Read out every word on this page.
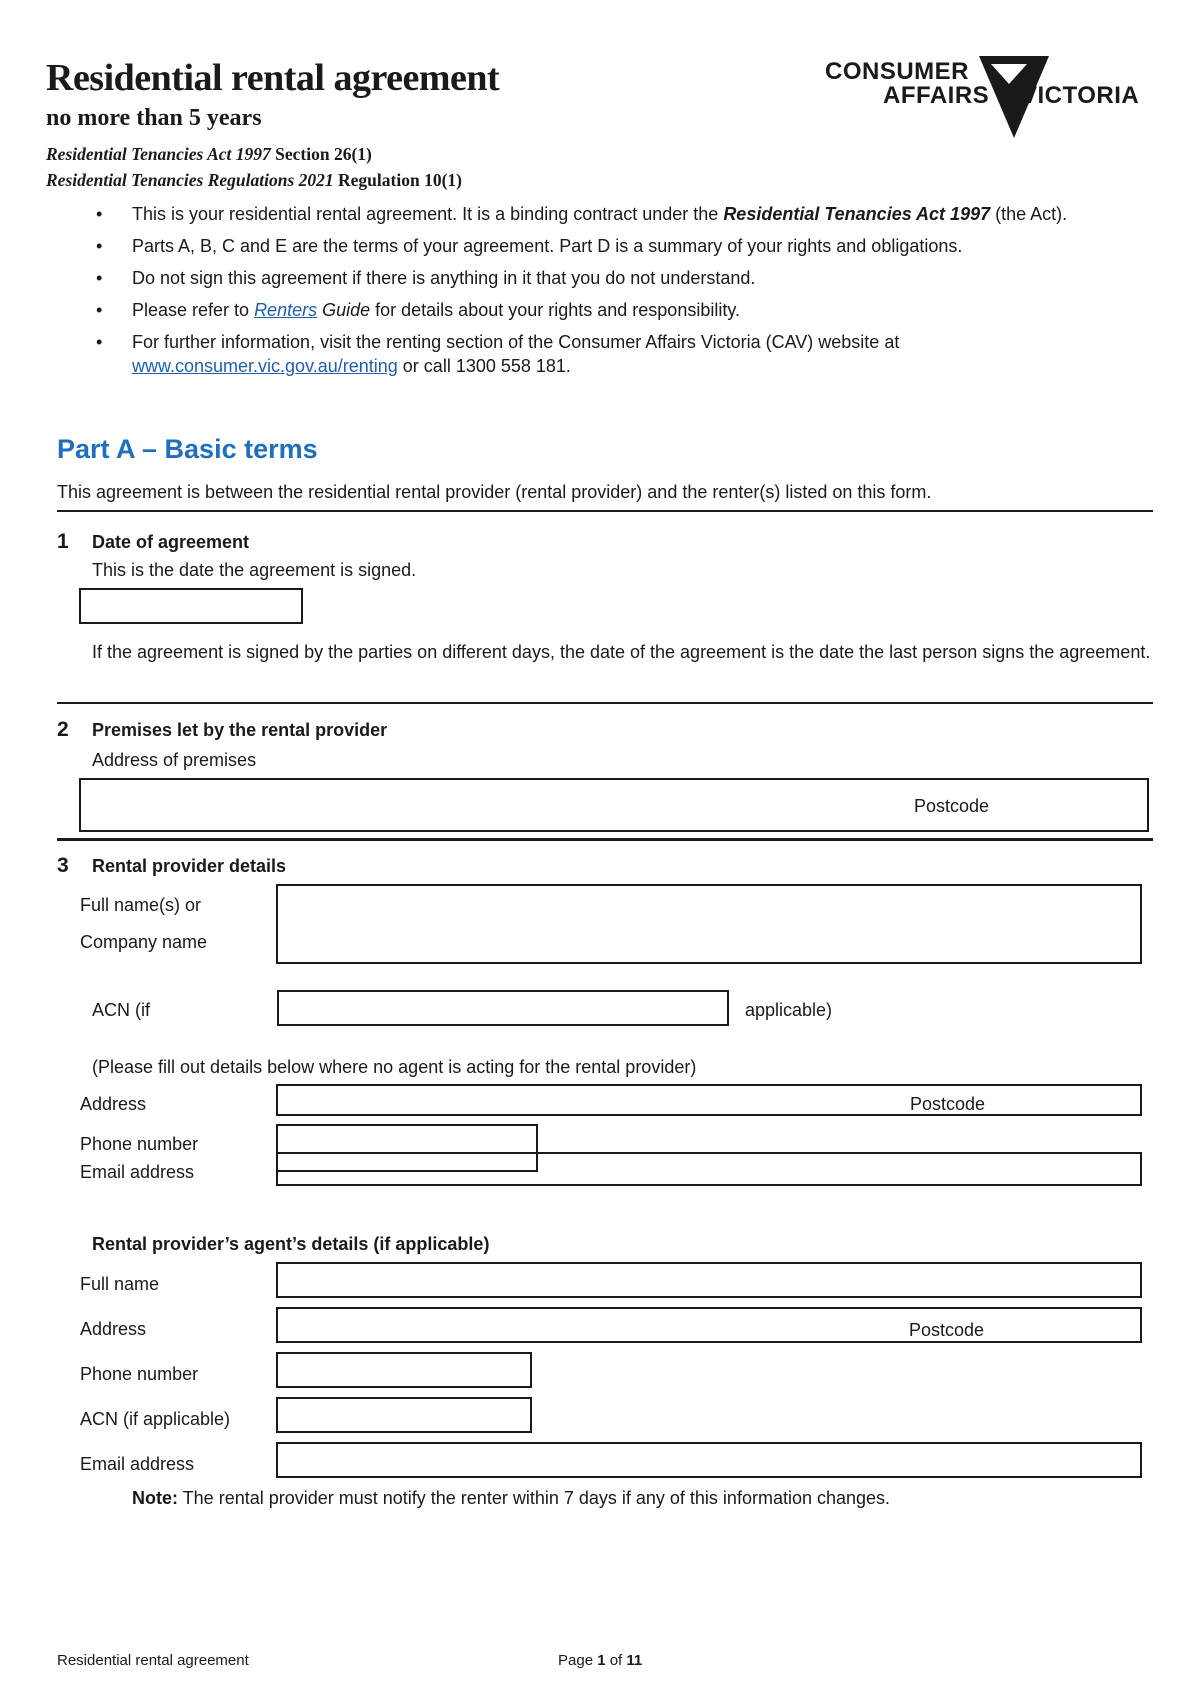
Residential rental agreement
no more than 5 years
Residential Tenancies Act 1997 Section 26(1)
Residential Tenancies Regulations 2021 Regulation 10(1)
CONSUMER
AFFAIRS VICTORIA
• This is your residential rental agreement. It is a binding contract under the Residential Tenancies Act 1997 (the Act).
• Parts A, B, C and E are the terms of your agreement. Part D is a summary of your rights and obligations.
• Do not sign this agreement if there is anything in it that you do not understand.
• Please refer to Renters Guide for details about your rights and responsibility.
• For further information, visit the renting section of the Consumer Affairs Victoria (CAV) website at www.consumer.vic.gov.au/renting or call 1300 558 181.
Part A – Basic terms
This agreement is between the residential rental provider (rental provider) and the renter(s) listed on this form.
1 Date of agreement
This is the date the agreement is signed.
If the agreement is signed by the parties on different days, the date of the agreement is the date the last person signs the agreement.
2 Premises let by the rental provider
Address of premises
Postcode
3 Rental provider details
Full name(s) or
Company name
ACN (if	applicable)
(Please fill out details below where no agent is acting for the rental provider)
Address	Postcode
Phone number
Email address
Rental provider’s agent’s details (if applicable)
Full name
Address	Postcode
Phone number
ACN (if applicable)
Email address
Note: The rental provider must notify the renter within 7 days if any of this information changes.
Residential rental agreement	Page 1 of 11
